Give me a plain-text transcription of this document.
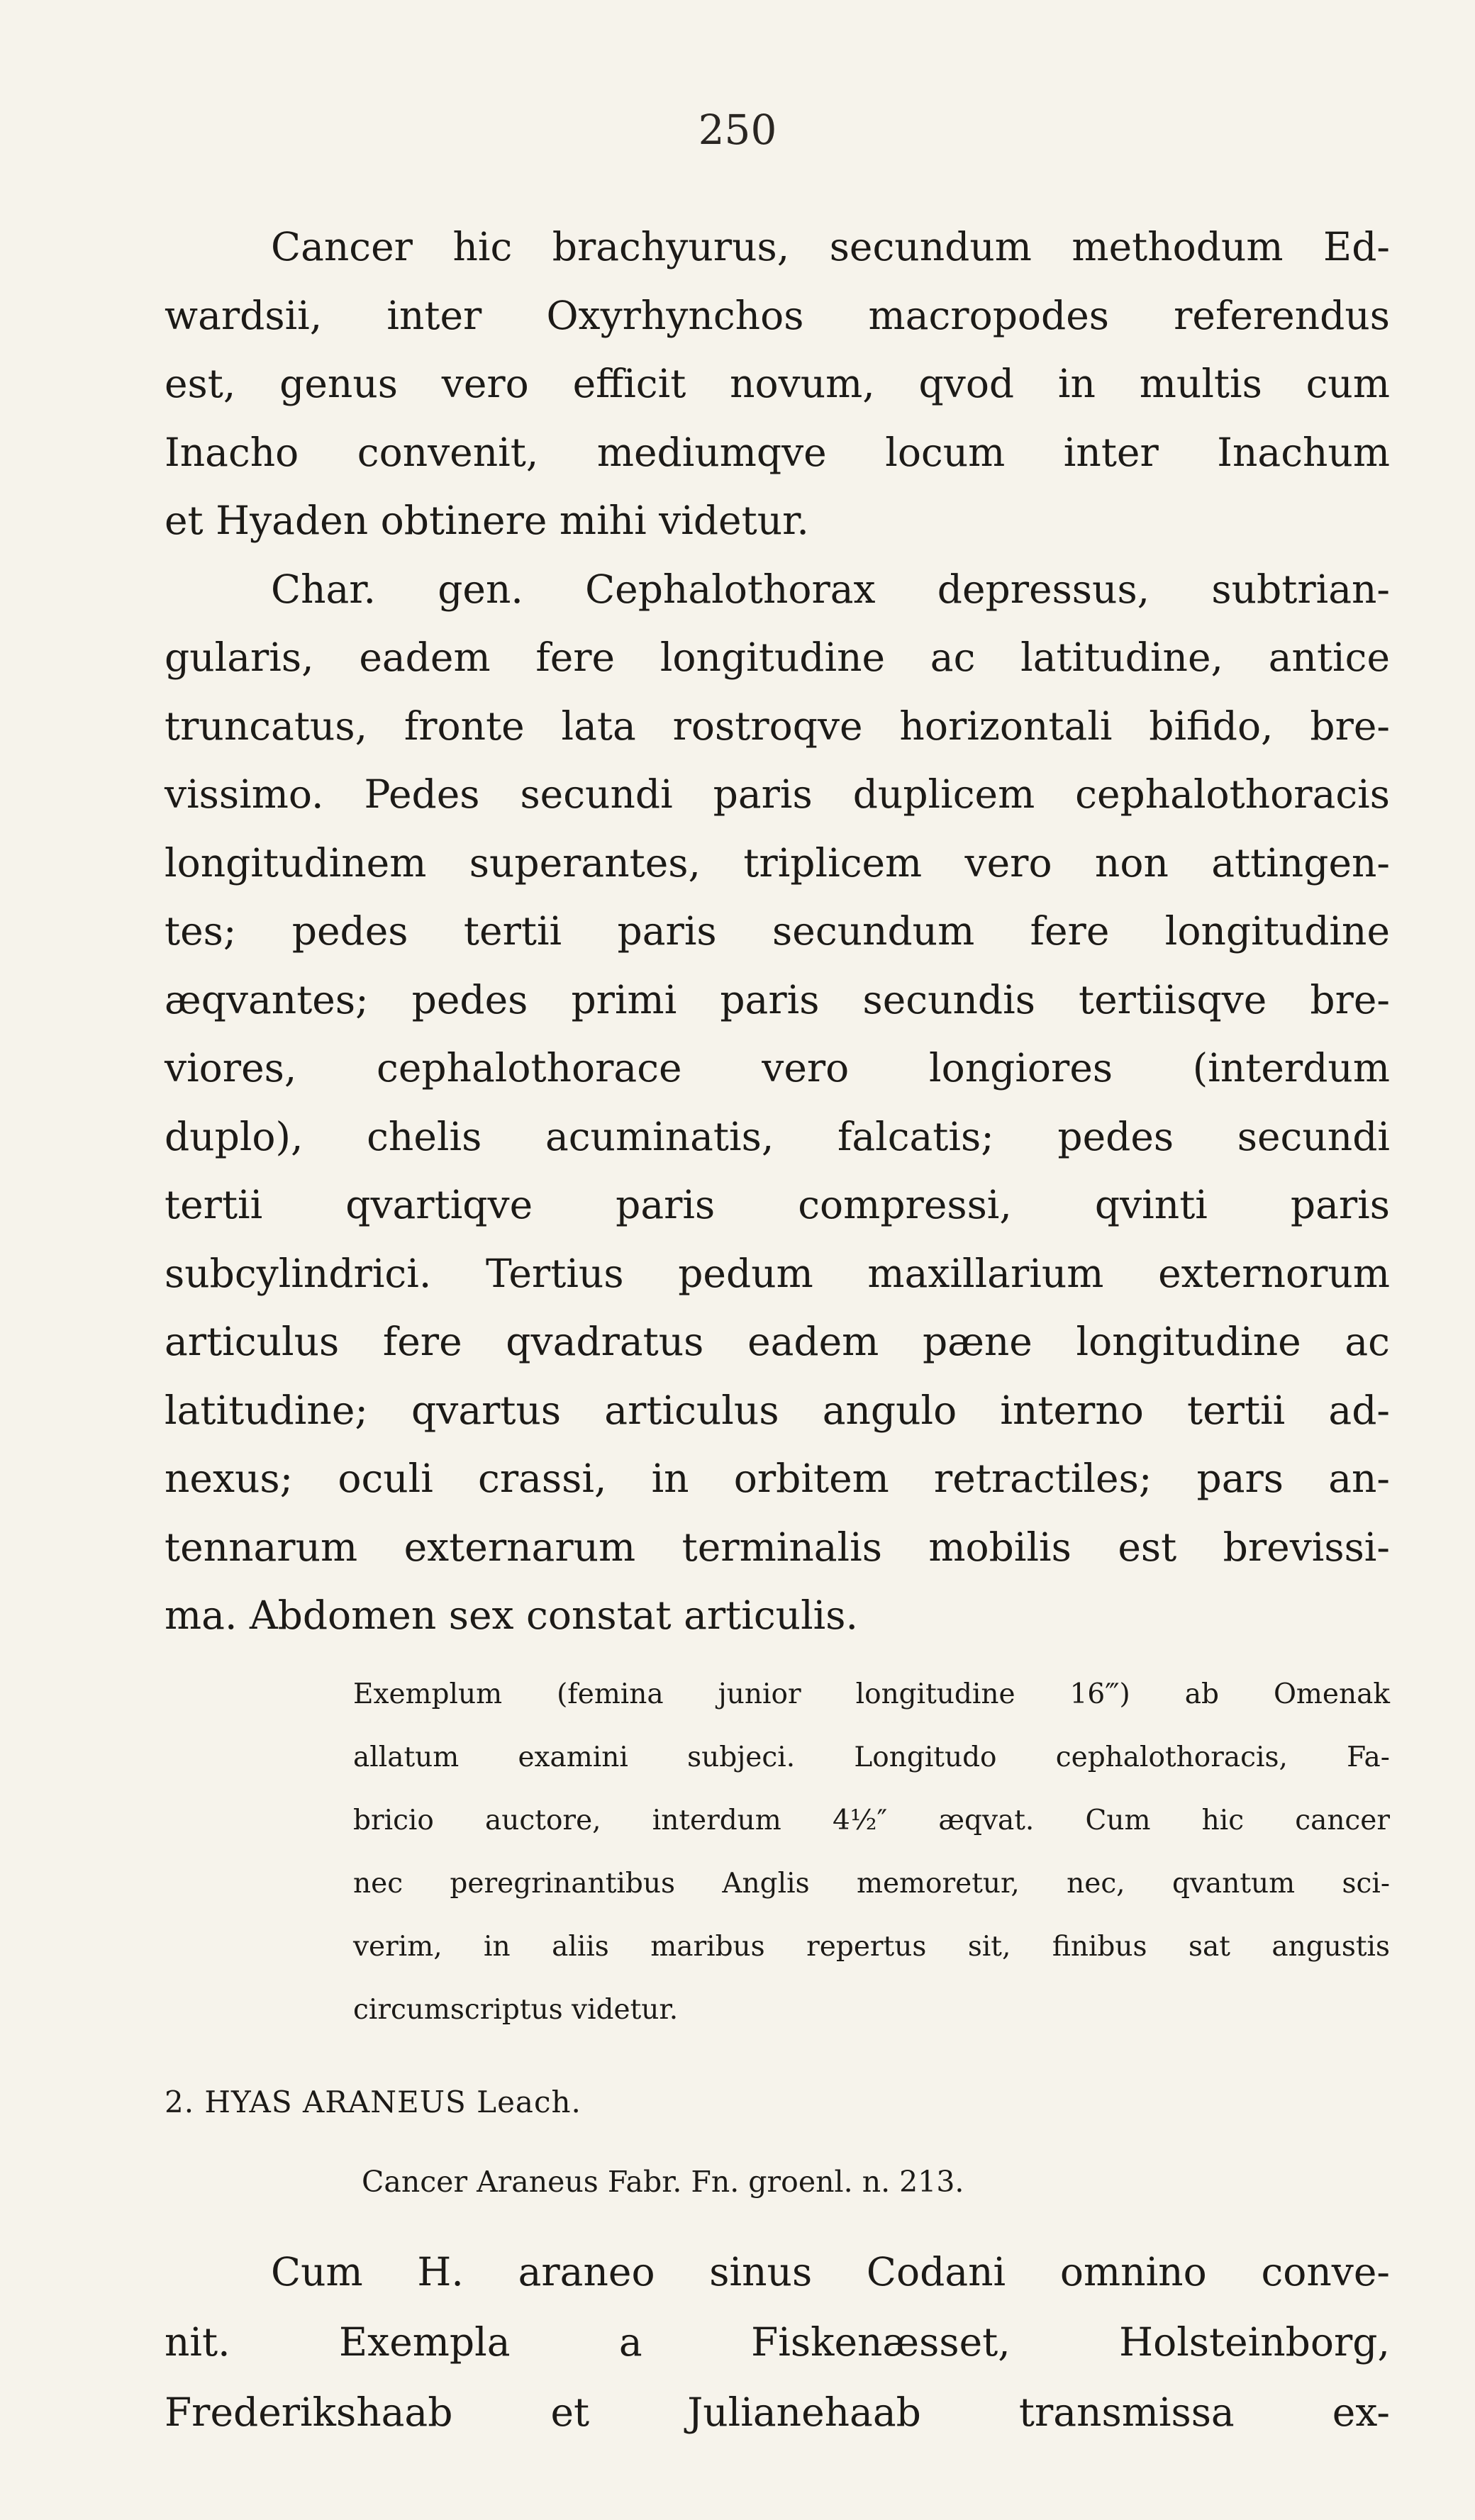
250
Cancer hic brachyurus, secundum methodum Ed-
wardsii, inter Oxyrhynchos macropodes referendus
est, genus vero efficit novum, qvod in multis cum
Inacho convenit, mediumqve locum inter Inachum
et Hyaden obtinere mihi videtur.
Char. gen. Cephalothorax depressus, subtrian-
gularis, eadem fere longitudine ac latitudine, antice
truncatus, fronte lata rostroqve horizontali bifido, bre-
vissimo. Pedes secundi paris duplicem cephalothoracis
longitudinem superantes, triplicem vero non attingen-
tes; pedes tertii paris secundum fere longitudine
æqvantes; pedes primi paris secundis tertiisqve bre-
viores, cephalothorace vero longiores (interdum
duplo), chelis acuminatis, falcatis; pedes secundi
tertii qvartiqve paris compressi, qvinti paris
subcylindrici. Tertius pedum maxillarium externorum
articulus fere qvadratus eadem pæne longitudine ac
latitudine; qvartus articulus angulo interno tertii ad-
nexus; oculi crassi, in orbitem retractiles; pars an-
tennarum externarum terminalis mobilis est brevissi-
ma. Abdomen sex constat articulis.
Exemplum (femina junior longitudine 16‴) ab Omenak
allatum examini subjeci. Longitudo cephalothoracis, Fa-
bricio auctore, interdum 4½″ æqvat. Cum hic cancer
nec peregrinantibus Anglis memoretur, nec, qvantum sci-
verim, in aliis maribus repertus sit, finibus sat angustis
circumscriptus videtur.
2. HYAS ARANEUS Leach.
Cancer Araneus Fabr. Fn. groenl. n. 213.
Cum H. araneo sinus Codani omnino conve-
nit. Exempla a Fiskenæsset, Holsteinborg,
Frederikshaab et Julianehaab transmissa ex-
